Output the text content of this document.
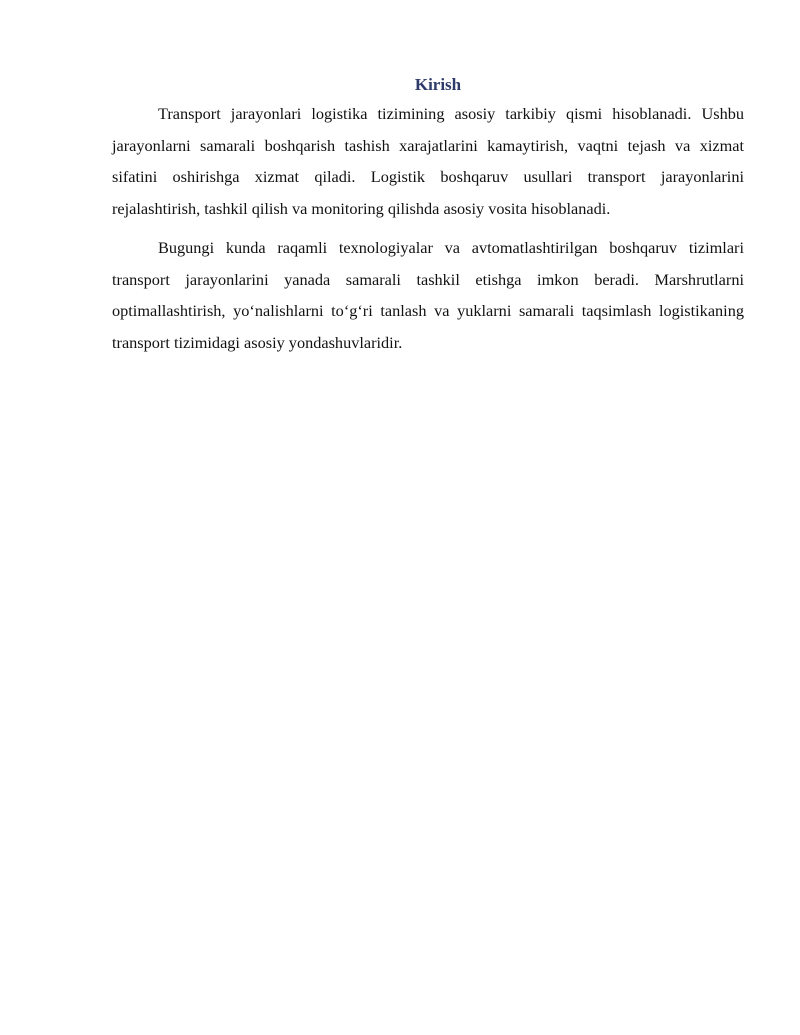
Kirish

Transport jarayonlari logistika tizimining asosiy tarkibiy qismi hisoblanadi. Ushbu jarayonlarni samarali boshqarish tashish xarajatlarini kamaytirish, vaqtni tejash va xizmat sifatini oshirishga xizmat qiladi. Logistik boshqaruv usullari transport jarayonlarini rejalashtirish, tashkil qilish va monitoring qilishda asosiy vosita hisoblanadi.

Bugungi kunda raqamli texnologiyalar va avtomatlashtirilgan boshqaruv tizimlari transport jarayonlarini yanada samarali tashkil etishga imkon beradi. Marshrutlarni optimallashtirish, yo‘nalishlarni to‘g‘ri tanlash va yuklarni samarali taqsimlash logistikaning transport tizimidagi asosiy yondashuvlaridir.
